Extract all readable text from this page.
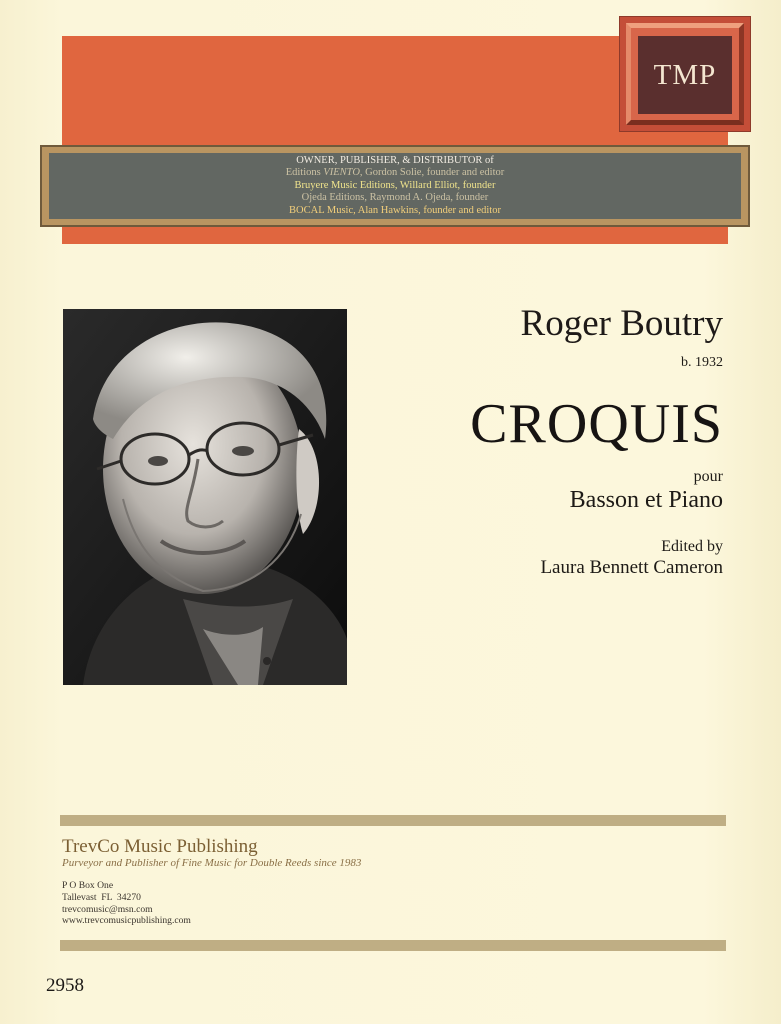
TMP
OWNER, PUBLISHER, & DISTRIBUTOR of
Editions VIENTO, Gordon Solie, founder and editor
Bruyere Music Editions, Willard Elliot, founder
Ojeda Editions, Raymond A. Ojeda, founder
BOCAL Music, Alan Hawkins, founder and editor
Roger Boutry
b. 1932
CROQUIS
pour
Basson et Piano
Edited by
Laura Bennett Cameron
TrevCo Music Publishing
Purveyor and Publisher of Fine Music for Double Reeds since 1983
P O Box One
Tallevast  FL  34270
trevcomusic@msn.com
www.trevcomusicpublishing.com
2958
